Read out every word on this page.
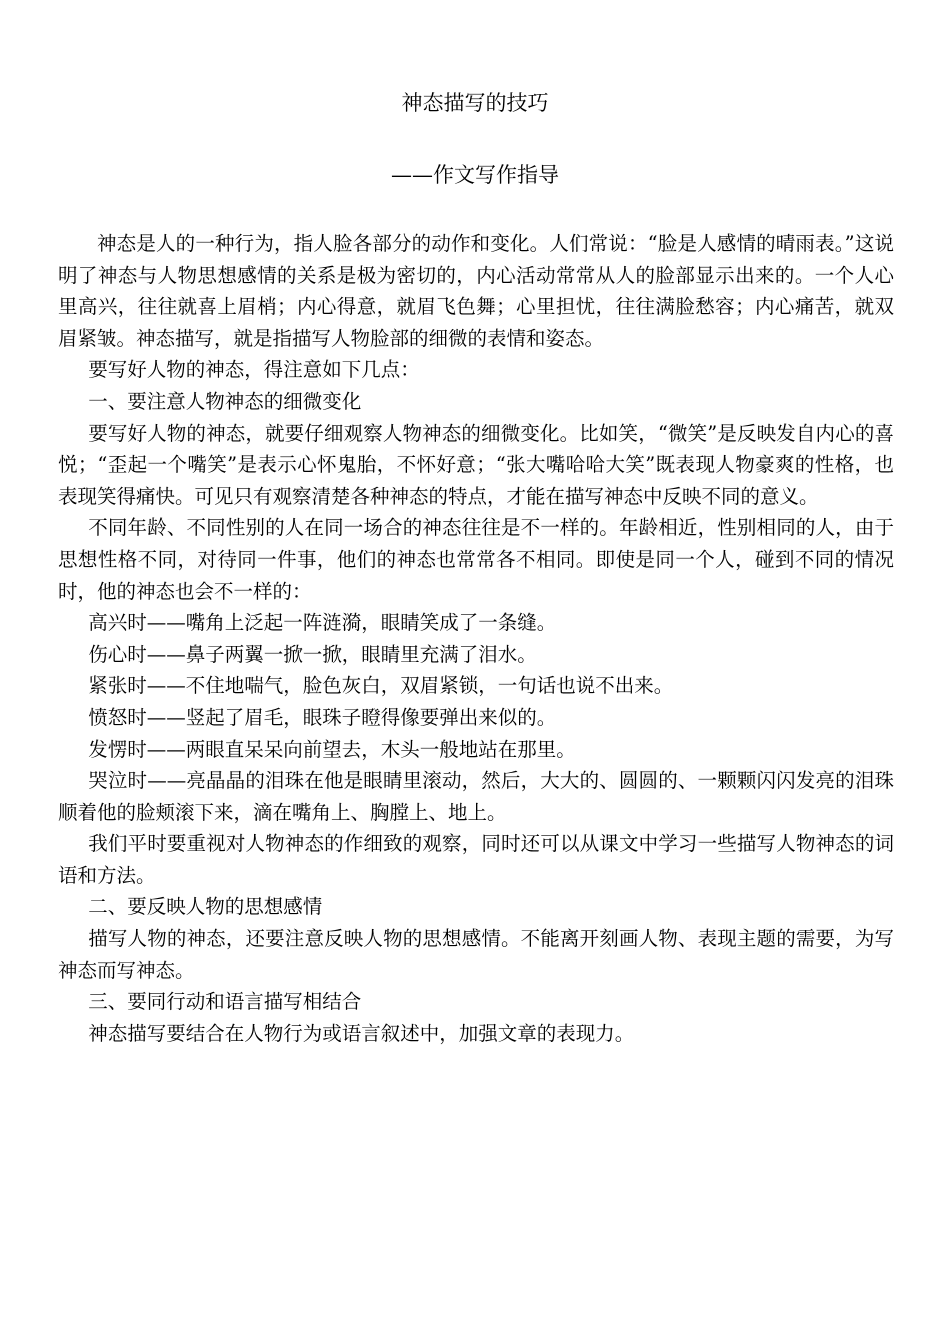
神态描写的技巧
——作文写作指导

神态是人的一种行为，指人脸各部分的动作和变化。人们常说：“脸是人感情的晴雨表。”这说明了神态与人物思想感情的关系是极为密切的，内心活动常常从人的脸部显示出来的。一个人心里高兴，往往就喜上眉梢；内心得意，就眉飞色舞；心里担忧，往往满脸愁容；内心痛苦，就双眉紧皱。神态描写，就是指描写人物脸部的细微的表情和姿态。

要写好人物的神态，得注意如下几点：

一、要注意人物神态的细微变化

要写好人物的神态，就要仔细观察人物神态的细微变化。比如笑，“微笑”是反映发自内心的喜悦；“歪起一个嘴笑”是表示心怀鬼胎，不怀好意；“张大嘴哈哈大笑”既表现人物豪爽的性格，也表现笑得痛快。可见只有观察清楚各种神态的特点，才能在描写神态中反映不同的意义。

不同年龄、不同性别的人在同一场合的神态往往是不一样的。年龄相近，性别相同的人，由于思想性格不同，对待同一件事，他们的神态也常常各不相同。即使是同一个人，碰到不同的情况时，他的神态也会不一样的：

高兴时——嘴角上泛起一阵涟漪，眼睛笑成了一条缝。

伤心时——鼻子两翼一掀一掀，眼睛里充满了泪水。

紧张时——不住地喘气，脸色灰白，双眉紧锁，一句话也说不出来。

愤怒时——竖起了眉毛，眼珠子瞪得像要弹出来似的。

发愣时——两眼直呆呆向前望去，木头一般地站在那里。

哭泣时——亮晶晶的泪珠在他是眼睛里滚动，然后，大大的、圆圆的、一颗颗闪闪发亮的泪珠顺着他的脸颊滚下来，滴在嘴角上、胸膛上、地上。

我们平时要重视对人物神态的作细致的观察，同时还可以从课文中学习一些描写人物神态的词语和方法。

二、要反映人物的思想感情

描写人物的神态，还要注意反映人物的思想感情。不能离开刻画人物、表现主题的需要，为写神态而写神态。

三、要同行动和语言描写相结合

神态描写要结合在人物行为或语言叙述中，加强文章的表现力。
